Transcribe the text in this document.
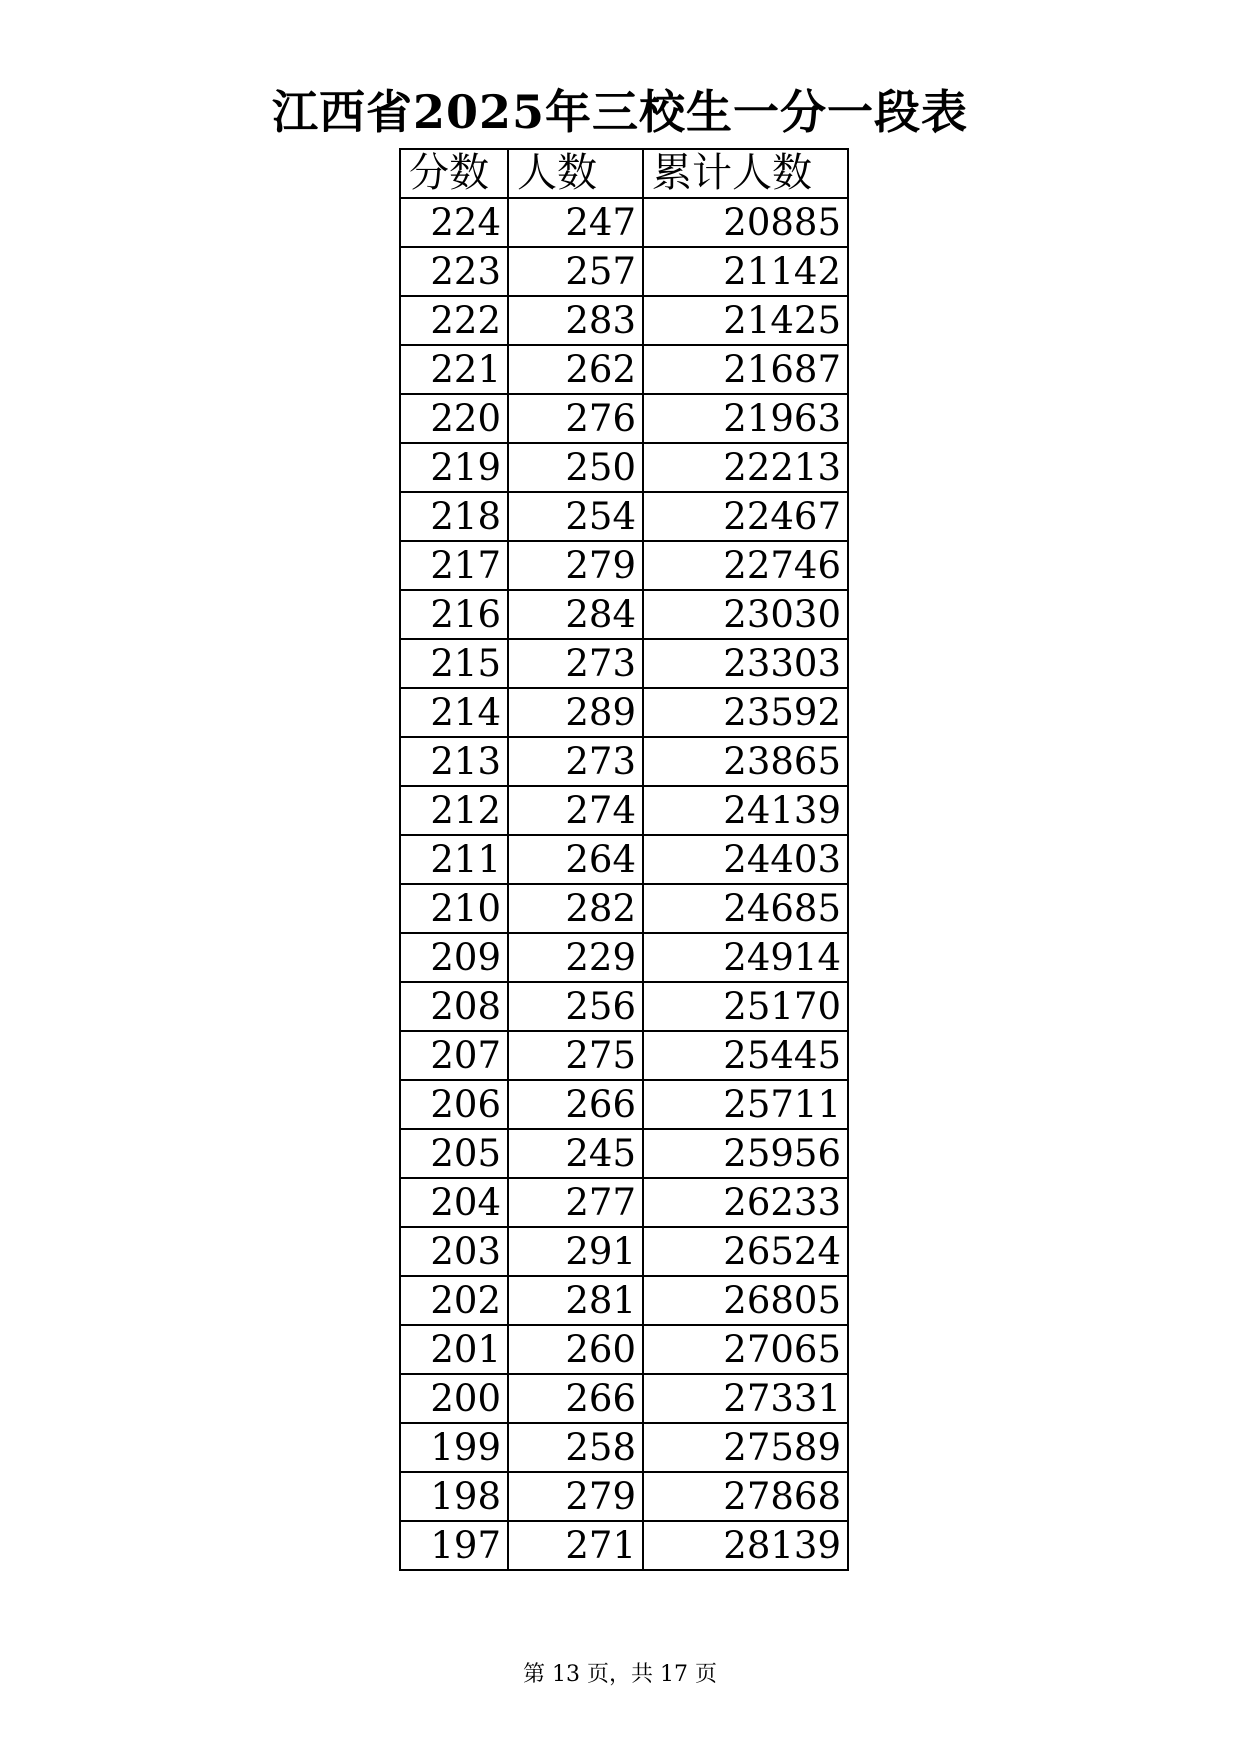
江西省2025年三校生一分一段表
分数	人数	累计人数
224	247	20885
223	257	21142
222	283	21425
221	262	21687
220	276	21963
219	250	22213
218	254	22467
217	279	22746
216	284	23030
215	273	23303
214	289	23592
213	273	23865
212	274	24139
211	264	24403
210	282	24685
209	229	24914
208	256	25170
207	275	25445
206	266	25711
205	245	25956
204	277	26233
203	291	26524
202	281	26805
201	260	27065
200	266	27331
199	258	27589
198	279	27868
197	271	28139
第 13 页，共 17 页
